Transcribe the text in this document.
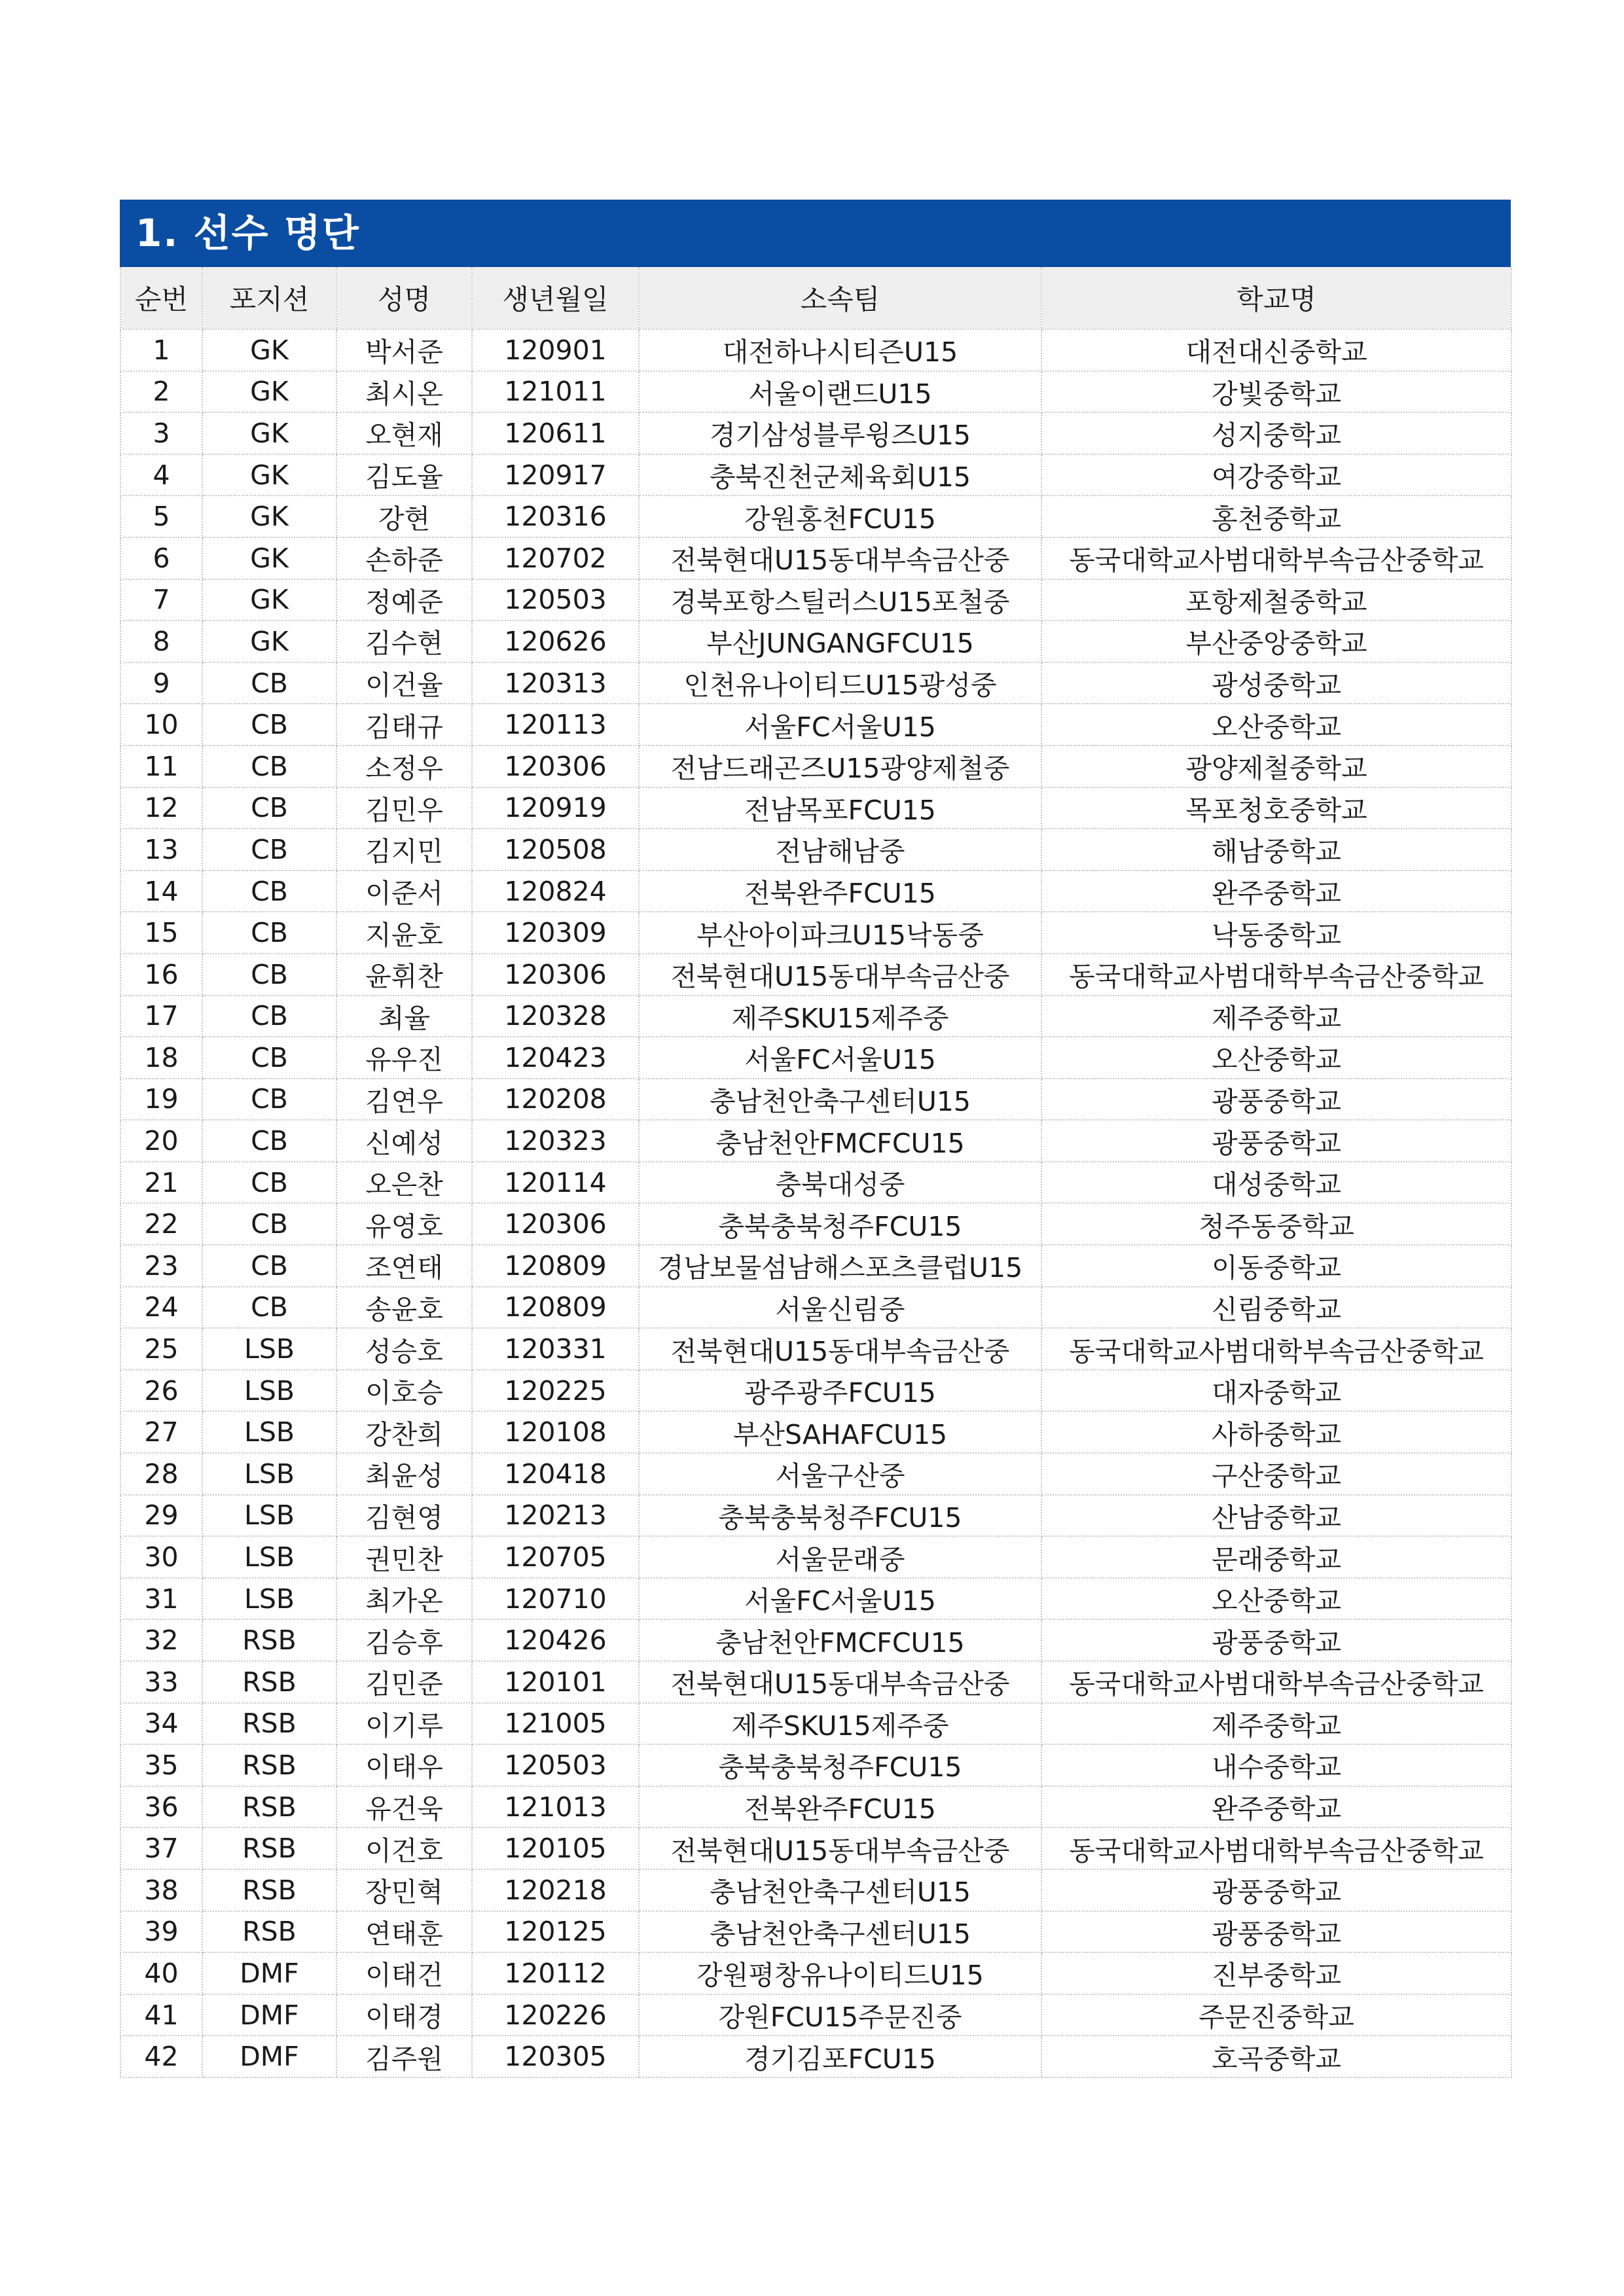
1. 선수 명단
순번	포지션	성명	생년월일	소속팀	학교명
1	GK	박서준	120901	대전하나시티즌U15	대전대신중학교
2	GK	최시온	121011	서울이랜드U15	강빛중학교
3	GK	오현재	120611	경기삼성블루윙즈U15	성지중학교
4	GK	김도율	120917	충북진천군체육회U15	여강중학교
5	GK	강현	120316	강원홍천FCU15	홍천중학교
6	GK	손하준	120702	전북현대U15동대부속금산중	동국대학교사범대학부속금산중학교
7	GK	정예준	120503	경북포항스틸러스U15포철중	포항제철중학교
8	GK	김수현	120626	부산JUNGANGFCU15	부산중앙중학교
9	CB	이건율	120313	인천유나이티드U15광성중	광성중학교
10	CB	김태규	120113	서울FC서울U15	오산중학교
11	CB	소정우	120306	전남드래곤즈U15광양제철중	광양제철중학교
12	CB	김민우	120919	전남목포FCU15	목포청호중학교
13	CB	김지민	120508	전남해남중	해남중학교
14	CB	이준서	120824	전북완주FCU15	완주중학교
15	CB	지윤호	120309	부산아이파크U15낙동중	낙동중학교
16	CB	윤휘찬	120306	전북현대U15동대부속금산중	동국대학교사범대학부속금산중학교
17	CB	최율	120328	제주SKU15제주중	제주중학교
18	CB	유우진	120423	서울FC서울U15	오산중학교
19	CB	김연우	120208	충남천안축구센터U15	광풍중학교
20	CB	신예성	120323	충남천안FMCFCU15	광풍중학교
21	CB	오은찬	120114	충북대성중	대성중학교
22	CB	유영호	120306	충북충북청주FCU15	청주동중학교
23	CB	조연태	120809	경남보물섬남해스포츠클럽U15	이동중학교
24	CB	송윤호	120809	서울신림중	신림중학교
25	LSB	성승호	120331	전북현대U15동대부속금산중	동국대학교사범대학부속금산중학교
26	LSB	이호승	120225	광주광주FCU15	대자중학교
27	LSB	강찬희	120108	부산SAHAFCU15	사하중학교
28	LSB	최윤성	120418	서울구산중	구산중학교
29	LSB	김현영	120213	충북충북청주FCU15	산남중학교
30	LSB	권민찬	120705	서울문래중	문래중학교
31	LSB	최가온	120710	서울FC서울U15	오산중학교
32	RSB	김승후	120426	충남천안FMCFCU15	광풍중학교
33	RSB	김민준	120101	전북현대U15동대부속금산중	동국대학교사범대학부속금산중학교
34	RSB	이기루	121005	제주SKU15제주중	제주중학교
35	RSB	이태우	120503	충북충북청주FCU15	내수중학교
36	RSB	유건욱	121013	전북완주FCU15	완주중학교
37	RSB	이건호	120105	전북현대U15동대부속금산중	동국대학교사범대학부속금산중학교
38	RSB	장민혁	120218	충남천안축구센터U15	광풍중학교
39	RSB	연태훈	120125	충남천안축구센터U15	광풍중학교
40	DMF	이태건	120112	강원평창유나이티드U15	진부중학교
41	DMF	이태경	120226	강원FCU15주문진중	주문진중학교
42	DMF	김주원	120305	경기김포FCU15	호곡중학교
